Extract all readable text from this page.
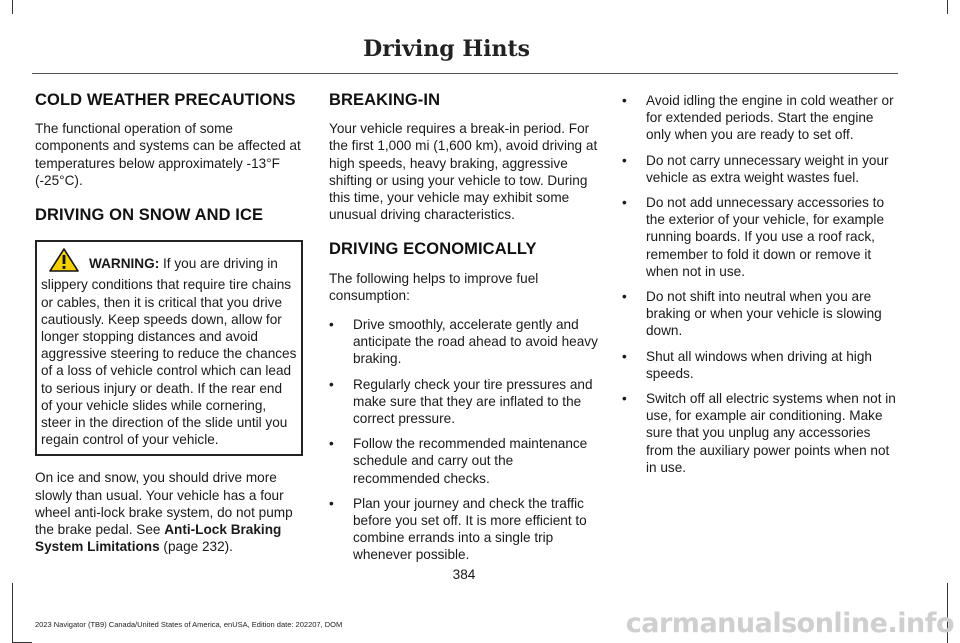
Driving Hints
COLD WEATHER PRECAUTIONS

The functional operation of some components and systems can be affected at temperatures below approximately -13°F (-25°C).

DRIVING ON SNOW AND ICE
WARNING: If you are driving in slippery conditions that require tire chains or cables, then it is critical that you drive cautiously. Keep speeds down, allow for longer stopping distances and avoid aggressive steering to reduce the chances of a loss of vehicle control which can lead to serious injury or death. If the rear end of your vehicle slides while cornering, steer in the direction of the slide until you regain control of your vehicle.

On ice and snow, you should drive more slowly than usual. Your vehicle has a four wheel anti-lock brake system, do not pump the brake pedal. See Anti-Lock Braking System Limitations (page 232).

BREAKING-IN

Your vehicle requires a break-in period. For the first 1,000 mi (1,600 km), avoid driving at high speeds, heavy braking, aggressive shifting or using your vehicle to tow. During this time, your vehicle may exhibit some unusual driving characteristics.

DRIVING ECONOMICALLY

The following helps to improve fuel consumption:

• Drive smoothly, accelerate gently and anticipate the road ahead to avoid heavy braking.
• Regularly check your tire pressures and make sure that they are inflated to the correct pressure.
• Follow the recommended maintenance schedule and carry out the recommended checks.
• Plan your journey and check the traffic before you set off. It is more efficient to combine errands into a single trip whenever possible.
• Avoid idling the engine in cold weather or for extended periods. Start the engine only when you are ready to set off.
• Do not carry unnecessary weight in your vehicle as extra weight wastes fuel.
• Do not add unnecessary accessories to the exterior of your vehicle, for example running boards. If you use a roof rack, remember to fold it down or remove it when not in use.
• Do not shift into neutral when you are braking or when your vehicle is slowing down.
• Shut all windows when driving at high speeds.
• Switch off all electric systems when not in use, for example air conditioning. Make sure that you unplug any accessories from the auxiliary power points when not in use.
384
2023 Navigator (TB9) Canada/United States of America, enUSA, Edition date: 202207, DOM	carmanualsonline.info
